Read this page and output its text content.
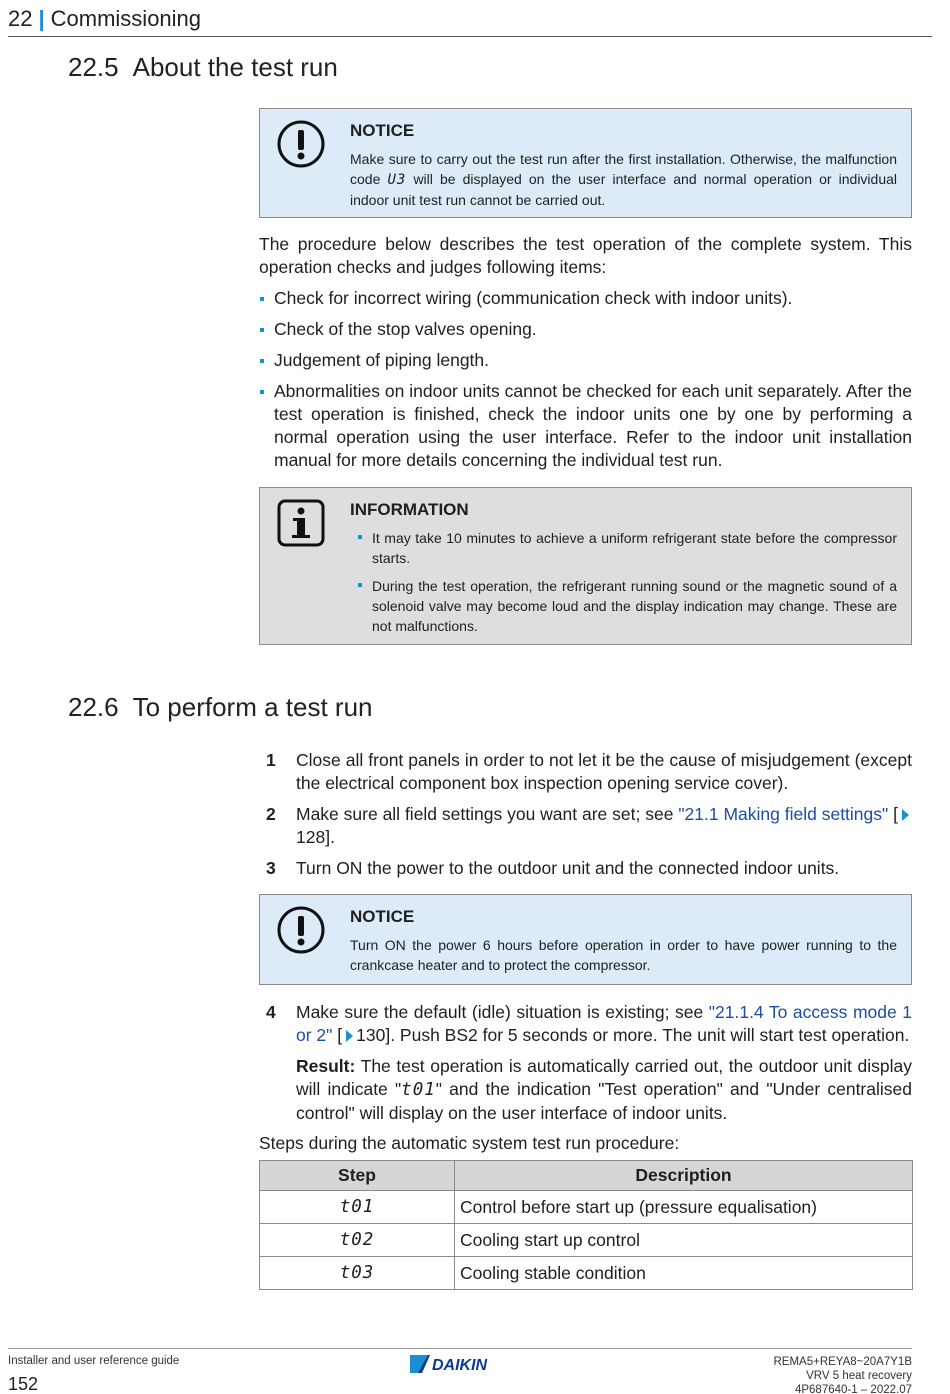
22 | Commissioning
22.5 About the test run
NOTICE
Make sure to carry out the test run after the first installation. Otherwise, the malfunction code U3 will be displayed on the user interface and normal operation or individual indoor unit test run cannot be carried out.

The procedure below describes the test operation of the complete system. This operation checks and judges following items:

Check for incorrect wiring (communication check with indoor units).
Check of the stop valves opening.
Judgement of piping length.
Abnormalities on indoor units cannot be checked for each unit separately. After the test operation is finished, check the indoor units one by one by performing a normal operation using the user interface. Refer to the indoor unit installation manual for more details concerning the individual test run.
INFORMATION
It may take 10 minutes to achieve a uniform refrigerant state before the compressor starts.
During the test operation, the refrigerant running sound or the magnetic sound of a solenoid valve may become loud and the display indication may change. These are not malfunctions.
22.6 To perform a test run
1 Close all front panels in order to not let it be the cause of misjudgement (except the electrical component box inspection opening service cover).
2 Make sure all field settings you want are set; see "21.1 Making field settings" [128].
3 Turn ON the power to the outdoor unit and the connected indoor units.
NOTICE
Turn ON the power 6 hours before operation in order to have power running to the crankcase heater and to protect the compressor.
4 Make sure the default (idle) situation is existing; see "21.1.4 To access mode 1 or 2" [ 130]. Push BS2 for 5 seconds or more. The unit will start test operation.
Result: The test operation is automatically carried out, the outdoor unit display will indicate "t01" and the indication "Test operation" and "Under centralised control" will display on the user interface of indoor units.

Steps during the automatic system test run procedure:

Step	Description
t01	Control before start up (pressure equalisation)
t02	Cooling start up control
t03	Cooling stable condition
Installer and user reference guide
152
DAIKIN	REMA5+REYA8~20A7Y1B
VRV 5 heat recovery
4P687640-1 – 2022.07
